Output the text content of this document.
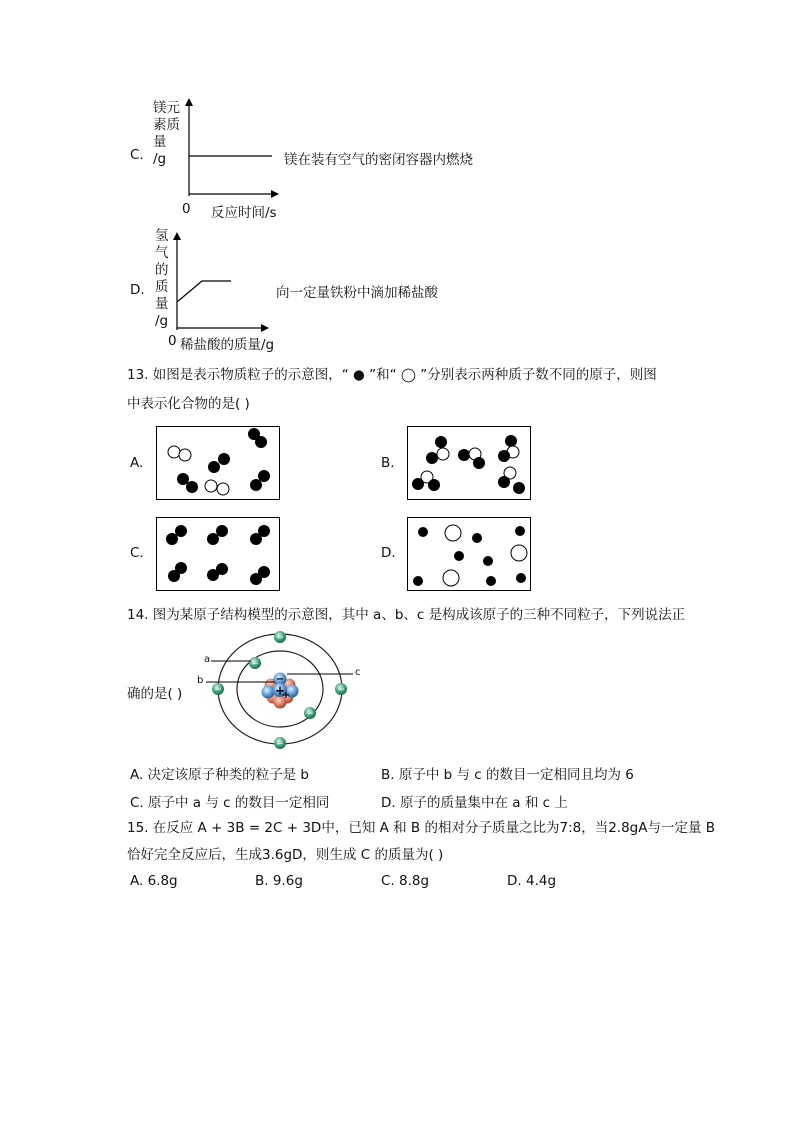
C.
镁元
素质
量
/g
0 反应时间/s
镁在装有空气的密闭容器内燃烧
D.
氢
气
的
质
量
/g
0 稀盐酸的质量/g
向一定量铁粉中滴加稀盐酸
13. 如图是表示物质粒子的示意图，“ ● ”和“ ◯ ”分别表示两种质子数不同的原子，则图
中表示化合物的是( )
A.	B.
C.	D.
14. 图为某原子结构模型的示意图，其中 a、b、c 是构成该原子的三种不同粒子，下列说法正
确的是( )	+
+
−
−
−
−	−
−
−
a
b
c
A. 决定该原子种类的粒子是 b	B. 原子中 b 与 c 的数目一定相同且均为 6
C. 原子中 a 与 c 的数目一定相同	D. 原子的质量集中在 a 和 c 上
15. 在反应 A + 3B = 2C + 3D中，已知 A 和 B 的相对分子质量之比为7:8，当2.8gA与一定量 B
恰好完全反应后，生成3.6gD，则生成 C 的质量为( )
A. 6.8g	B. 9.6g	C. 8.8g	D. 4.4g
